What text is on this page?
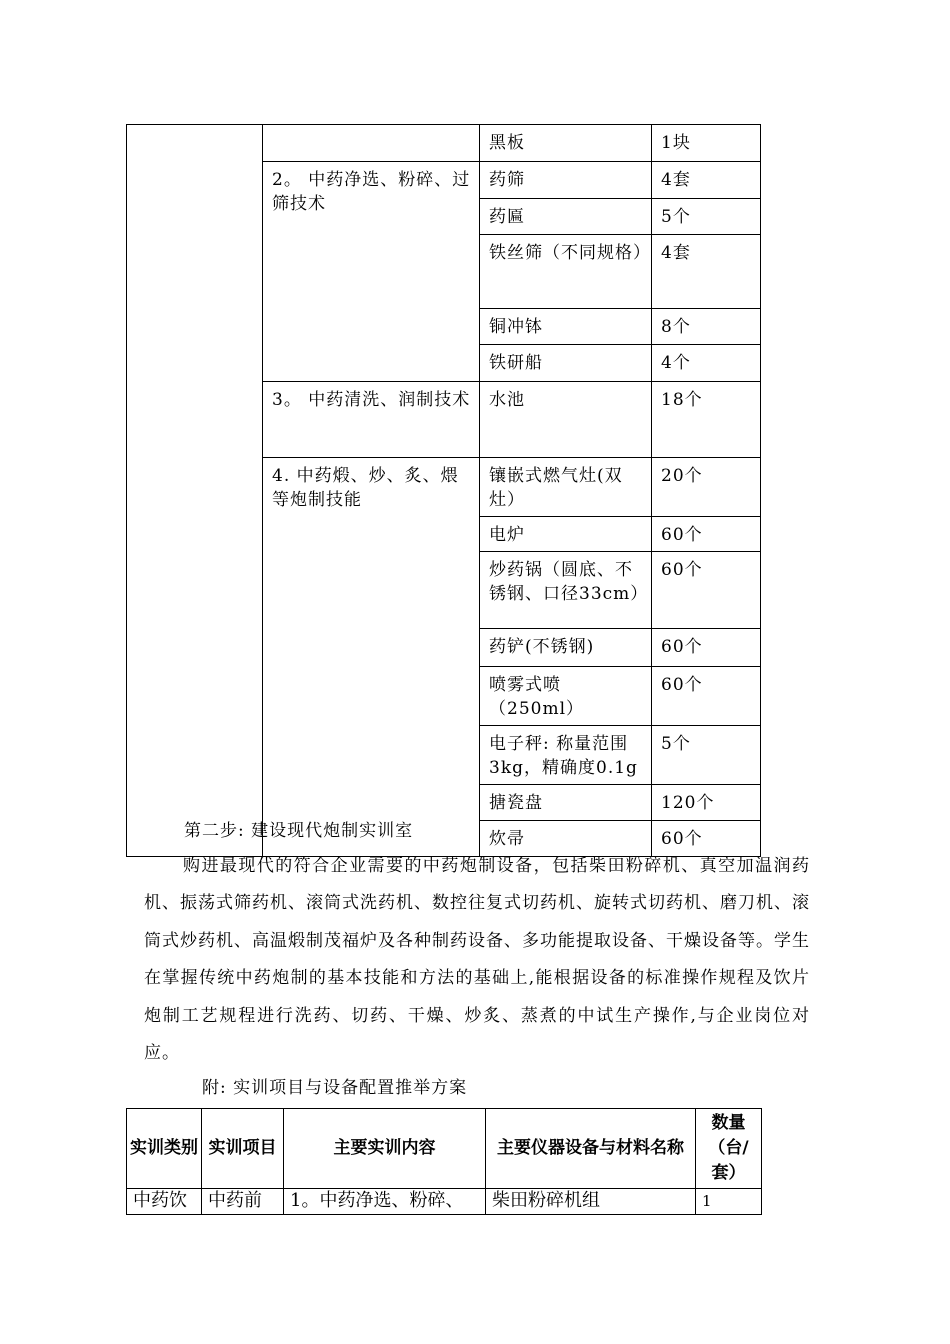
		黑板	1块
	2。 中药净选、粉碎、过筛技术	药筛	4套
		药匾	5个
		铁丝筛（不同规格）	4套
		铜冲钵	8个
		铁研船	4个
	3。 中药清洗、润制技术	水池	18个
	4. 中药煅、炒、炙、煨等炮制技能	镶嵌式燃气灶(双灶）	20个
		电炉	60个
		炒药锅（圆底、不锈钢、口径33cm）	60个
		药铲(不锈钢)	60个
		喷雾式喷（250ml）	60个
		电子秤: 称量范围3kg，精确度0.1g	5个
		搪瓷盘	120个
		炊帚	60个

第二步: 建设现代炮制实训室

购进最现代的符合企业需要的中药炮制设备，包括柴田粉碎机、真空加温润药机、振荡式筛药机、滚筒式洗药机、数控往复式切药机、旋转式切药机、磨刀机、滚筒式炒药机、高温煅制茂福炉及各种制药设备、多功能提取设备、干燥设备等。学生在掌握传统中药炮制的基本技能和方法的基础上,能根据设备的标准操作规程及饮片炮制工艺规程进行洗药、切药、干燥、炒炙、蒸煮的中试生产操作,与企业岗位对应。

附: 实训项目与设备配置推举方案

实训类别	实训项目	主要实训内容	主要仪器设备与材料名称	数量（台/套）
中药饮	中药前	1。中药净选、粉碎、	柴田粉碎机组	1
